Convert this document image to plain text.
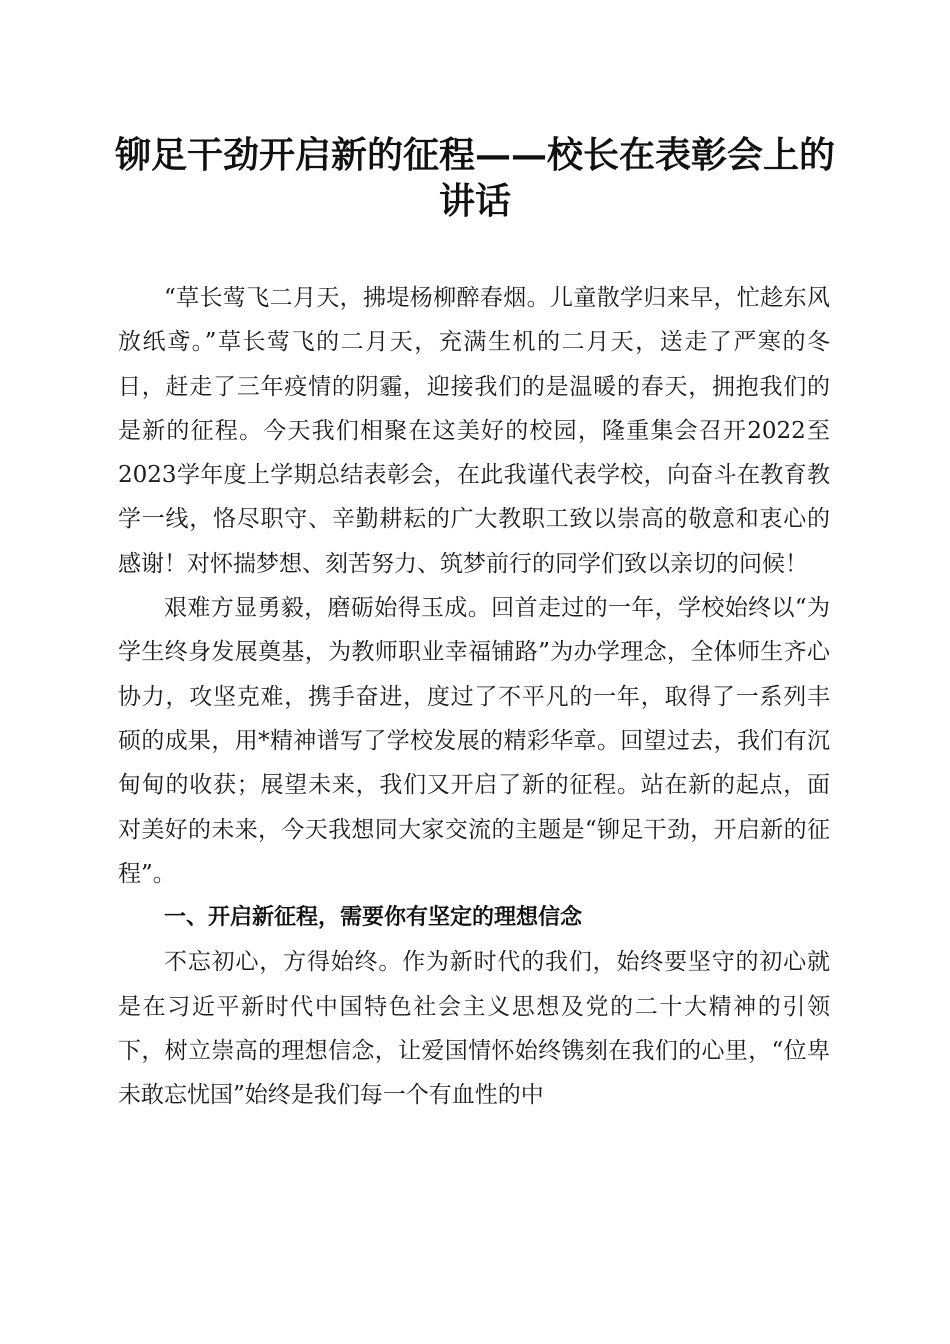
铆足干劲开启新的征程——校长在表彰会上的讲话

“草长莺飞二月天，拂堤杨柳醉春烟。儿童散学归来早，忙趁东风放纸鸢。”草长莺飞的二月天，充满生机的二月天，送走了严寒的冬日，赶走了三年疫情的阴霾，迎接我们的是温暖的春天，拥抱我们的是新的征程。今天我们相聚在这美好的校园，隆重集会召开2022至2023学年度上学期总结表彰会，在此我谨代表学校，向奋斗在教育教学一线，恪尽职守、辛勤耕耘的广大教职工致以崇高的敬意和衷心的感谢！对怀揣梦想、刻苦努力、筑梦前行的同学们致以亲切的问候！

艰难方显勇毅，磨砺始得玉成。回首走过的一年，学校始终以“为学生终身发展奠基，为教师职业幸福铺路”为办学理念，全体师生齐心协力，攻坚克难，携手奋进，度过了不平凡的一年，取得了一系列丰硕的成果，用*精神谱写了学校发展的精彩华章。回望过去，我们有沉甸甸的收获；展望未来，我们又开启了新的征程。站在新的起点，面对美好的未来，今天我想同大家交流的主题是“铆足干劲，开启新的征程”。

一、开启新征程，需要你有坚定的理想信念

不忘初心，方得始终。作为新时代的我们，始终要坚守的初心就是在习近平新时代中国特色社会主义思想及党的二十大精神的引领下，树立崇高的理想信念，让爱国情怀始终镌刻在我们的心里，“位卑未敢忘忧国”始终是我们每一个有血性的中
